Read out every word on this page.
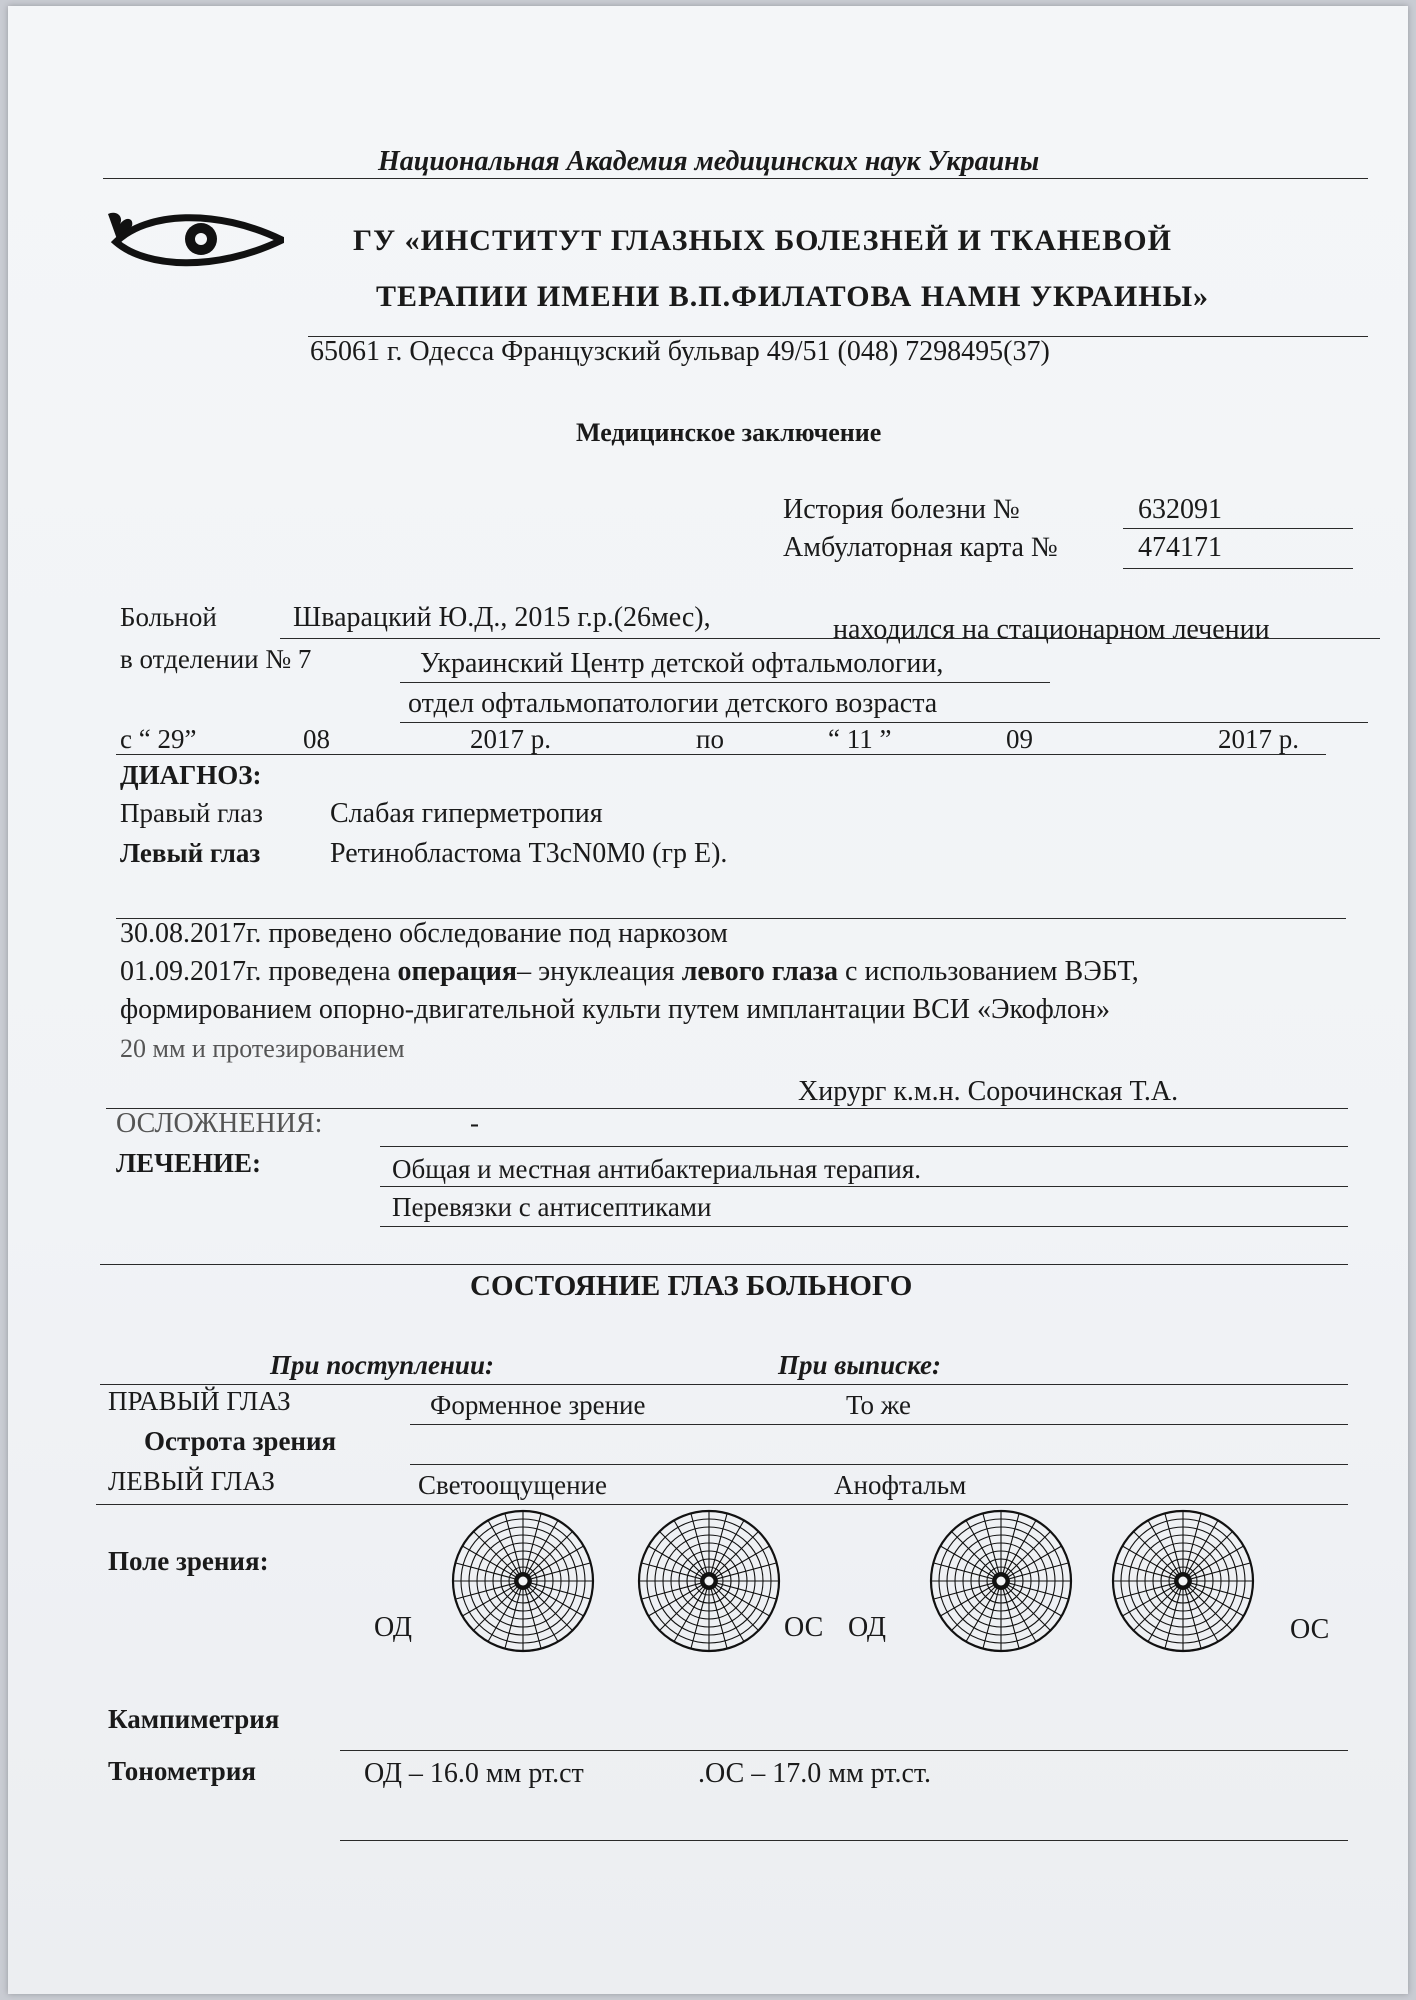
Национальная Академия медицинских наук Украины
ГУ «ИНСТИТУТ ГЛАЗНЫХ БОЛЕЗНЕЙ И ТКАНЕВОЙ
ТЕРАПИИ ИМЕНИ В.П.ФИЛАТОВА НАМН УКРАИНЫ»
65061 г. Одесса Французский бульвар 49/51 (048) 7298495(37)
Медицинское заключение
История болезни №	632091
Амбулаторная карта №	474171
Больной	Шварацкий Ю.Д., 2015 г.р.(26мес),	находился на стационарном лечении
в отделении № 7	Украинский Центр детской офтальмологии,
отдел офтальмопатологии детского возраста
с “ 29”	08	2017 р.	по	“ 11 ”	09	2017 р.
ДИАГНОЗ:
Правый глаз Слабая гиперметропия
Левый глаз Ретинобластома Т3cN0M0 (гр Е).
30.08.2017г. проведено обследование под наркозом
01.09.2017г. проведена операция– энуклеация левого глаза с использованием ВЭБТ,
формированием опорно-двигательной культи путем имплантации ВСИ «Экофлон»
20 мм и протезированием
Хирург к.м.н. Сорочинская Т.А.
ОСЛОЖНЕНИЯ:	-
ЛЕЧЕНИЕ:	Общая и местная антибактериальная терапия.
Перевязки с антисептиками
СОСТОЯНИЕ ГЛАЗ БОЛЬНОГО
При поступлении:	При выписке:
ПРАВЫЙ ГЛАЗ	Форменное зрение	То же
Острота зрения
ЛЕВЫЙ ГЛАЗ	Светоощущение	Анофтальм
Поле зрения:
ОД	ОС ОД	ОС
Кампиметрия
Тонометрия	ОД – 16.0 мм рт.ст	.ОС – 17.0 мм рт.ст.
